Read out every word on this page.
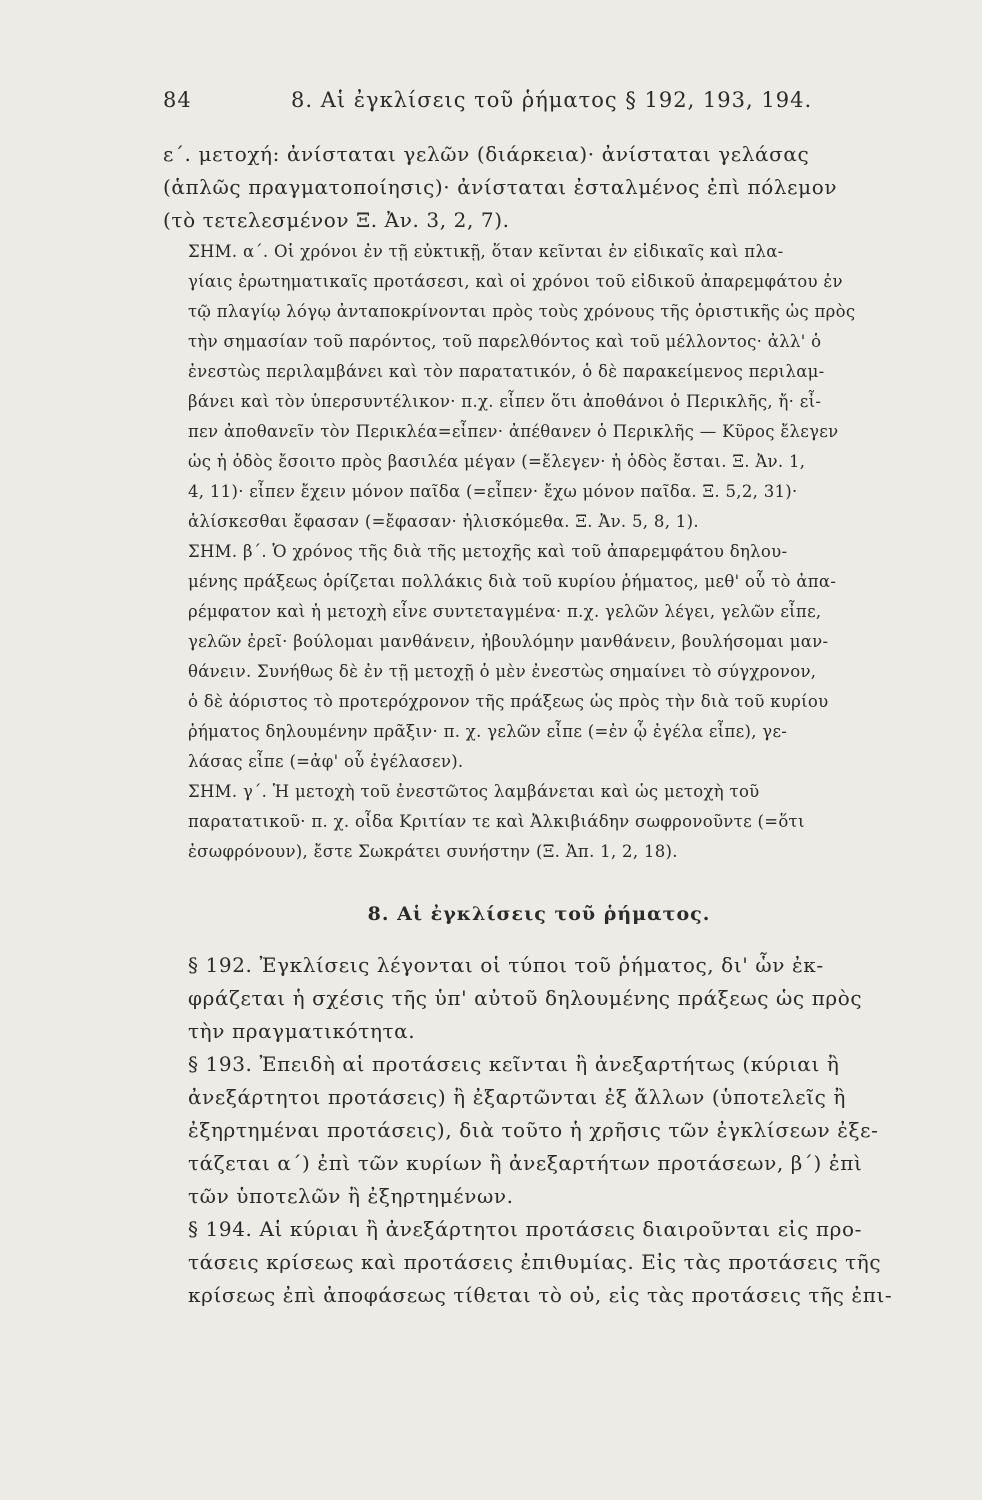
84	8. Αἱ ἐγκλίσεις τοῦ ῥήματος § 192, 193, 194.
ε΄. μετοχή: ἀνίσταται γελῶν (διάρκεια)· ἀνίσταται γελάσας
(ἁπλῶς πραγματοποίησις)· ἀνίσταται ἐσταλμένος ἐπὶ πόλεμον
(τὸ τετελεσμένον Ξ. Ἀν. 3, 2, 7).
ΣΗΜ. α΄. Οἱ χρόνοι ἐν τῇ εὐκτικῇ, ὅταν κεῖνται ἐν εἰδικαῖς καὶ πλα-
γίαις ἐρωτηματικαῖς προτάσεσι, καὶ οἱ χρόνοι τοῦ εἰδικοῦ ἀπαρεμφάτου ἐν
τῷ πλαγίῳ λόγῳ ἀνταποκρίνονται πρὸς τοὺς χρόνους τῆς ὁριστικῆς ὡς πρὸς
τὴν σημασίαν τοῦ παρόντος, τοῦ παρελθόντος καὶ τοῦ μέλλοντος· ἀλλ' ὁ
ἐνεστὼς περιλαμβάνει καὶ τὸν παρατατικόν, ὁ δὲ παρακείμενος περιλαμ-
βάνει καὶ τὸν ὑπερσυντέλικον· π.χ. εἶπεν ὅτι ἀποθάνοι ὁ Περικλῆς, ἤ· εἶ-
πεν ἀποθανεῖν τὸν Περικλέα=εἶπεν· ἀπέθανεν ὁ Περικλῆς — Κῦρος ἔλεγεν
ὡς ἡ ὁδὸς ἔσοιτο πρὸς βασιλέα μέγαν (=ἔλεγεν· ἡ ὁδὸς ἔσται. Ξ. Ἀν. 1,
4, 11)· εἶπεν ἔχειν μόνον παῖδα (=εἶπεν· ἔχω μόνον παῖδα. Ξ. 5,2, 31)·
ἁλίσκεσθαι ἔφασαν (=ἔφασαν· ἡλισκόμεθα. Ξ. Ἀν. 5, 8, 1).
ΣΗΜ. β΄. Ὁ χρόνος τῆς διὰ τῆς μετοχῆς καὶ τοῦ ἀπαρεμφάτου δηλου-
μένης πράξεως ὁρίζεται πολλάκις διὰ τοῦ κυρίου ῥήματος, μεθ' οὗ τὸ ἀπα-
ρέμφατον καὶ ἡ μετοχὴ εἶνε συντεταγμένα· π.χ. γελῶν λέγει, γελῶν εἶπε,
γελῶν ἐρεῖ· βούλομαι μανθάνειν, ἠβουλόμην μανθάνειν, βουλήσομαι μαν-
θάνειν. Συνήθως δὲ ἐν τῇ μετοχῇ ὁ μὲν ἐνεστὼς σημαίνει τὸ σύγχρονον,
ὁ δὲ ἀόριστος τὸ προτερόχρονον τῆς πράξεως ὡς πρὸς τὴν διὰ τοῦ κυρίου
ῥήματος δηλουμένην πρᾶξιν· π. χ. γελῶν εἶπε (=ἐν ᾧ ἐγέλα εἶπε), γε-
λάσας εἶπε (=ἀφ' οὗ ἐγέλασεν).
ΣΗΜ. γ΄. Ἡ μετοχὴ τοῦ ἐνεστῶτος λαμβάνεται καὶ ὡς μετοχὴ τοῦ
παρατατικοῦ· π. χ. οἶδα Κριτίαν τε καὶ Ἀλκιβιάδην σωφρονοῦντε (=ὅτι
ἐσωφρόνουν), ἔστε Σωκράτει συνήστην (Ξ. Ἀπ. 1, 2, 18).
8. Αἱ ἐγκλίσεις τοῦ ῥήματος.
§ 192. Ἐγκλίσεις λέγονται οἱ τύποι τοῦ ῥήματος, δι' ὧν ἐκ-
φράζεται ἡ σχέσις τῆς ὑπ' αὐτοῦ δηλουμένης πράξεως ὡς πρὸς
τὴν πραγματικότητα.
§ 193. Ἐπειδὴ αἱ προτάσεις κεῖνται ἢ ἀνεξαρτήτως (κύριαι ἢ
ἀνεξάρτητοι προτάσεις) ἢ ἐξαρτῶνται ἐξ ἄλλων (ὑποτελεῖς ἢ
ἐξηρτημέναι προτάσεις), διὰ τοῦτο ἡ χρῆσις τῶν ἐγκλίσεων ἐξε-
τάζεται α΄) ἐπὶ τῶν κυρίων ἢ ἀνεξαρτήτων προτάσεων, β΄) ἐπὶ
τῶν ὑποτελῶν ἢ ἐξηρτημένων.
§ 194. Αἱ κύριαι ἢ ἀνεξάρτητοι προτάσεις διαιροῦνται εἰς προ-
τάσεις κρίσεως καὶ προτάσεις ἐπιθυμίας. Εἰς τὰς προτάσεις τῆς
κρίσεως ἐπὶ ἀποφάσεως τίθεται τὸ οὐ, εἰς τὰς προτάσεις τῆς ἐπι-
